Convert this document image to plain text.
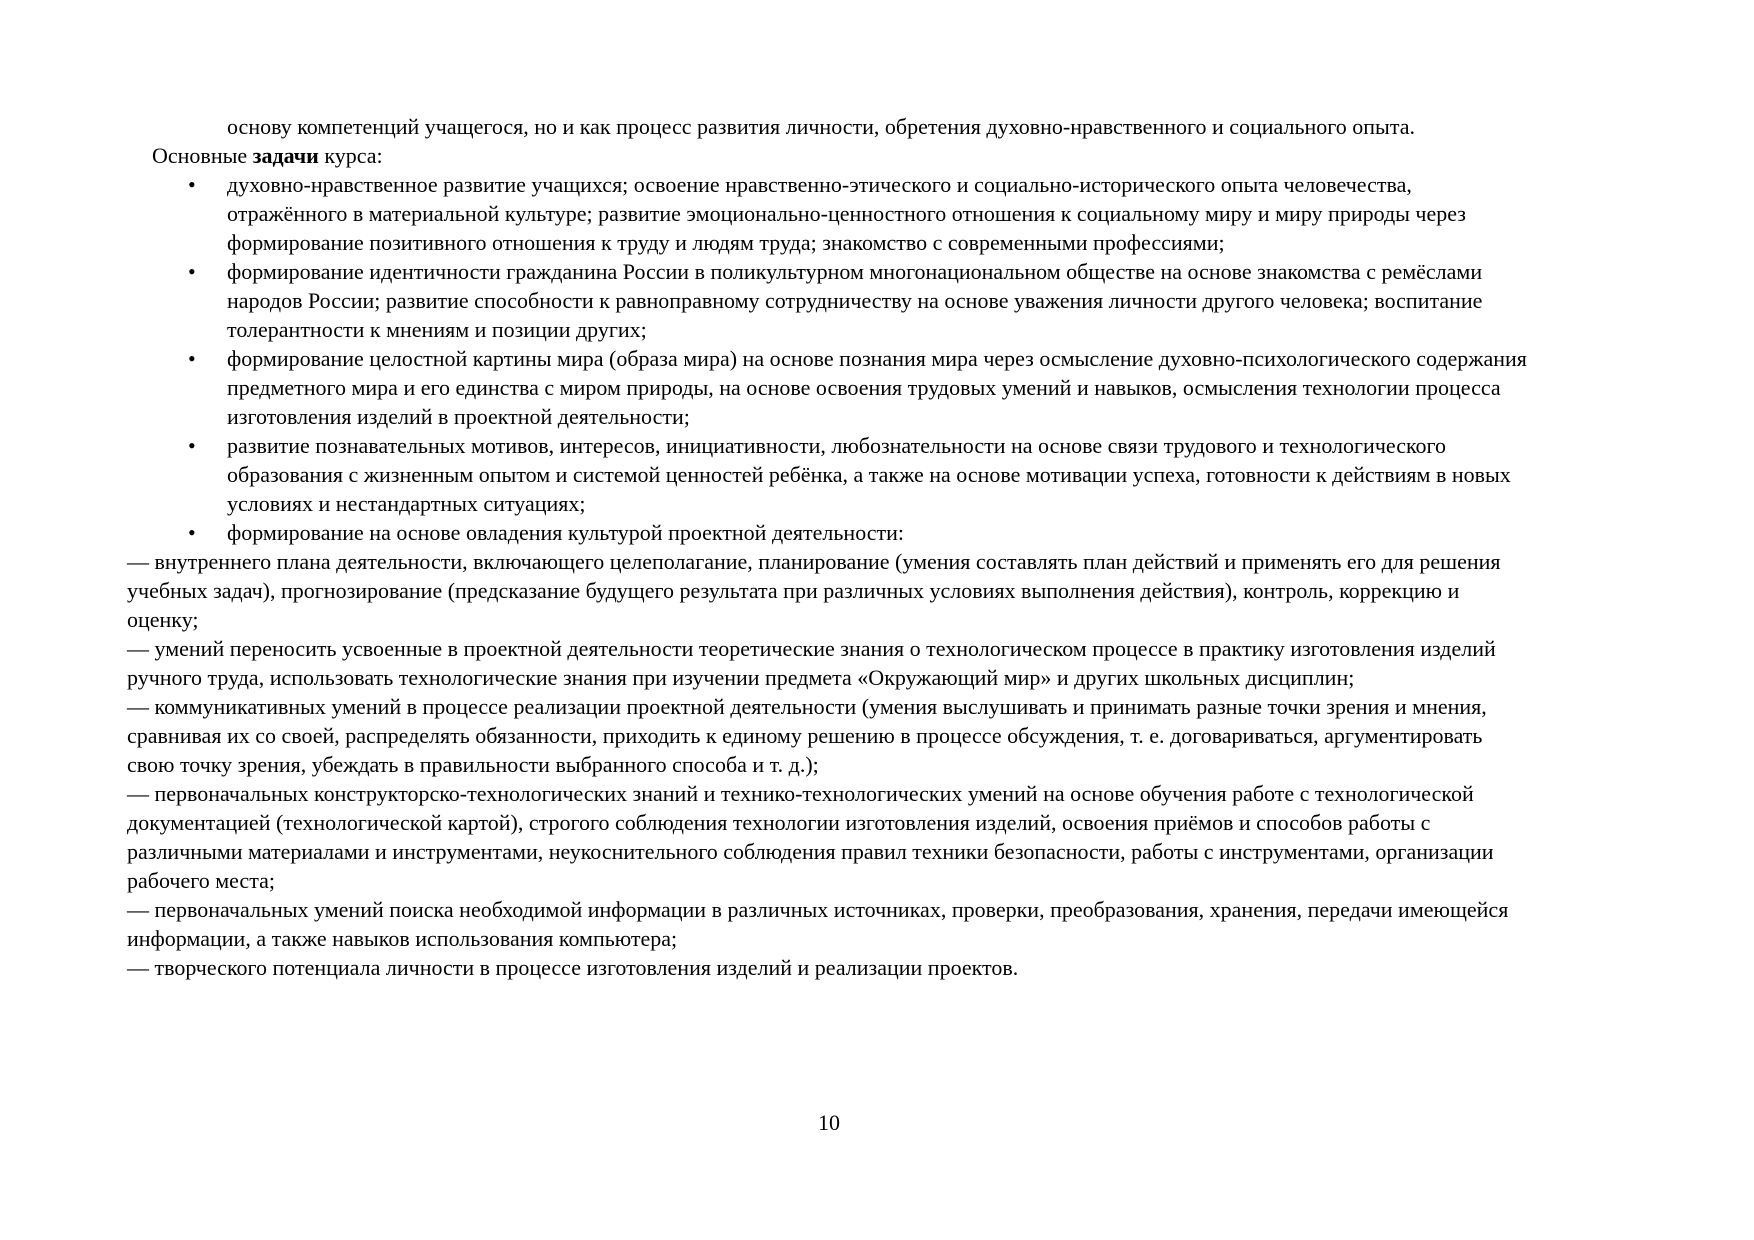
основу компетенций учащегося, но и как процесс развития личности, обретения духовно-нравственного и социального опыта.

Основные задачи курса:

• духовно-нравственное развитие учащихся; освоение нравственно-этического и социально-исторического опыта человечества, отражённого в материальной культуре; развитие эмоционально-ценностного отношения к социальному миру и миру природы через формирование позитивного отношения к труду и людям труда; знакомство с современными профессиями;
• формирование идентичности гражданина России в поликультурном многонациональном обществе на основе знакомства с ремёслами народов России; развитие способности к равноправному сотрудничеству на основе уважения личности другого человека; воспитание толерантности к мнениям и позиции других;
• формирование целостной картины мира (образа мира) на основе познания мира через осмысление духовно-психологического содержания предметного мира и его единства с миром природы, на основе освоения трудовых умений и навыков, осмысления технологии процесса изготовления изделий в проектной деятельности;
• развитие познавательных мотивов, интересов, инициативности, любознательности на основе связи трудового и технологического образования с жизненным опытом и системой ценностей ребёнка, а также на основе мотивации успеха, готовности к действиям в новых условиях и нестандартных ситуациях;
• формирование на основе овладения культурой проектной деятельности:

— внутреннего плана деятельности, включающего целеполагание, планирование (умения составлять план действий и применять его для решения учебных задач), прогнозирование (предсказание будущего результата при различных условиях выполнения действия), контроль, коррекцию и оценку;

— умений переносить усвоенные в проектной деятельности теоретические знания о технологическом процессе в практику изготовления изделий ручного труда, использовать технологические знания при изучении предмета «Окружающий мир» и других школьных дисциплин;

— коммуникативных умений в процессе реализации проектной деятельности (умения выслушивать и принимать разные точки зрения и мнения, сравнивая их со своей, распределять обязанности, приходить к единому решению в процессе обсуждения, т. е. договариваться, аргументировать свою точку зрения, убеждать в правильности выбранного способа и т. д.);

— первоначальных конструкторско-технологических знаний и технико-технологических умений на основе обучения работе с технологической документацией (технологической картой), строгого соблюдения технологии изготовления изделий, освоения приёмов и способов работы с различными материалами и инструментами, неукоснительного соблюдения правил техники безопасности, работы с инструментами, организации рабочего места;

— первоначальных умений поиска необходимой информации в различных источниках, проверки, преобразования, хранения, передачи имеющейся информации, а также навыков использования компьютера;

— творческого потенциала личности в процессе изготовления изделий и реализации проектов.

10
